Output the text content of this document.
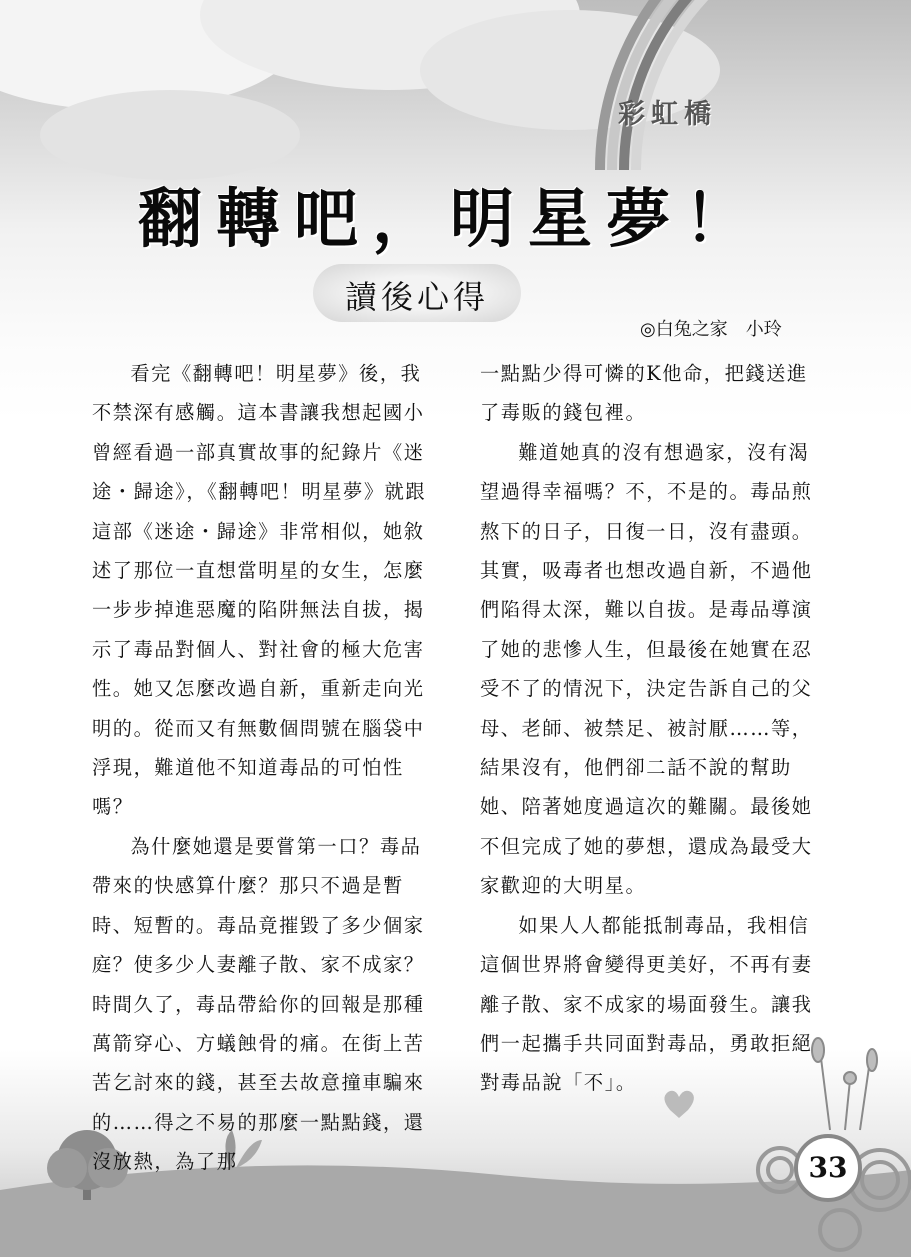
彩虹橋
翻轉吧，明星夢！
讀後心得
◎白兔之家　小玲

看完《翻轉吧！明星夢》後，我不禁深有感觸。這本書讓我想起國小曾經看過一部真實故事的紀錄片《迷途・歸途》，《翻轉吧！明星夢》就跟這部《迷途・歸途》非常相似，她敘述了那位一直想當明星的女生，怎麼一步步掉進惡魔的陷阱無法自拔，揭示了毒品對個人、對社會的極大危害性。她又怎麼改過自新，重新走向光明的。從而又有無數個問號在腦袋中浮現，難道他不知道毒品的可怕性嗎？

為什麼她還是要嘗第一口？毒品帶來的快感算什麼？那只不過是暫時、短暫的。毒品竟摧毀了多少個家庭？使多少人妻離子散、家不成家？時間久了，毒品帶給你的回報是那種萬箭穿心、方蟻蝕骨的痛。在街上苦苦乞討來的錢，甚至去故意撞車騙來的……得之不易的那麼一點點錢，還沒放熱，為了那

一點點少得可憐的K他命，把錢送進了毒販的錢包裡。

難道她真的沒有想過家，沒有渴望過得幸福嗎？不，不是的。毒品煎熬下的日子，日復一日，沒有盡頭。其實，吸毒者也想改過自新，不過他們陷得太深，難以自拔。是毒品導演了她的悲慘人生，但最後在她實在忍受不了的情況下，決定告訴自己的父母、老師、被禁足、被討厭……等，結果沒有，他們卻二話不說的幫助她、陪著她度過這次的難關。最後她不但完成了她的夢想，還成為最受大家歡迎的大明星。

如果人人都能抵制毒品，我相信這個世界將會變得更美好，不再有妻離子散、家不成家的場面發生。讓我們一起攜手共同面對毒品，勇敢拒絕對毒品說「不」。

33
